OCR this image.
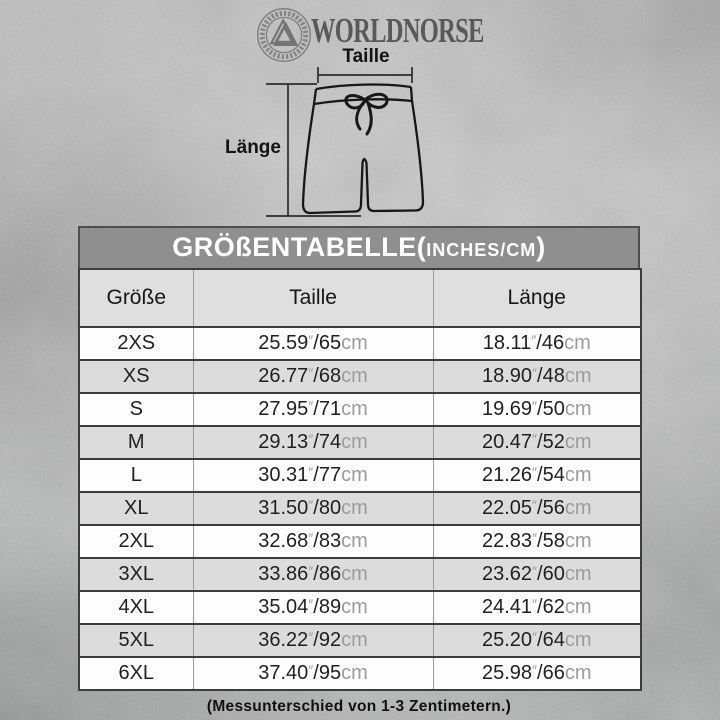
WORLDNORSE
Taille
Länge
GRÖßENTABELLE(INCHES/CM)
Größe	Taille	Länge
2XS	25.59″/65cm	18.11″/46cm
XS	26.77″/68cm	18.90″/48cm
S	27.95″/71cm	19.69″/50cm
M	29.13″/74cm	20.47″/52cm
L	30.31″/77cm	21.26″/54cm
XL	31.50″/80cm	22.05″/56cm
2XL	32.68″/83cm	22.83″/58cm
3XL	33.86″/86cm	23.62″/60cm
4XL	35.04″/89cm	24.41″/62cm
5XL	36.22″/92cm	25.20″/64cm
6XL	37.40″/95cm	25.98″/66cm
(Messunterschied von 1-3 Zentimetern.)
